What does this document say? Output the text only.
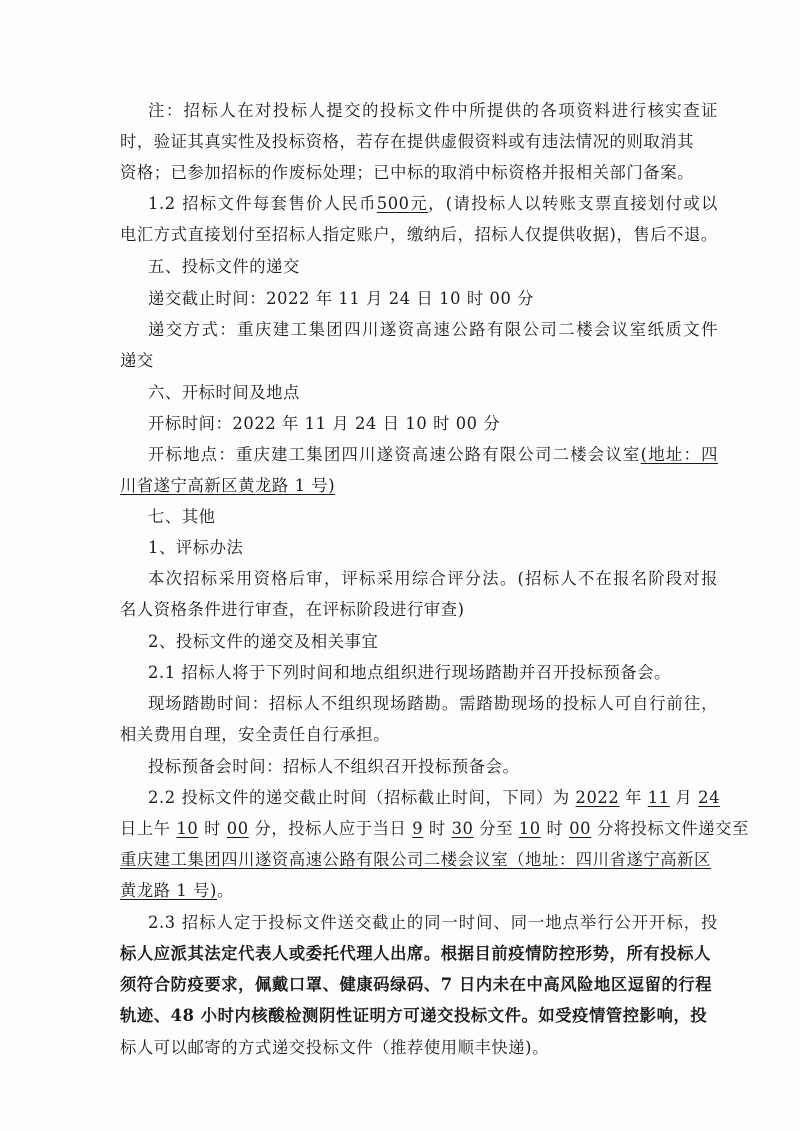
注：招标人在对投标人提交的投标文件中所提供的各项资料进行核实查证
时，验证其真实性及投标资格，若存在提供虚假资料或有违法情况的则取消其
资格；已参加招标的作废标处理；已中标的取消中标资格并报相关部门备案。
1.2 招标文件每套售价人民币500元，(请投标人以转账支票直接划付或以
电汇方式直接划付至招标人指定账户，缴纳后，招标人仅提供收据)，售后不退。
五、投标文件的递交
递交截止时间：2022 年 11 月 24 日 10 时 00 分
递交方式：重庆建工集团四川遂资高速公路有限公司二楼会议室纸质文件
递交
六、开标时间及地点
开标时间：2022 年 11 月 24 日 10 时 00 分
开标地点：重庆建工集团四川遂资高速公路有限公司二楼会议室(地址：四
川省遂宁高新区黄龙路 1 号)
七、其他
1、评标办法
本次招标采用资格后审，评标采用综合评分法。(招标人不在报名阶段对报
名人资格条件进行审查，在评标阶段进行审查)
2、投标文件的递交及相关事宜
2.1 招标人将于下列时间和地点组织进行现场踏勘并召开投标预备会。
现场踏勘时间：招标人不组织现场踏勘。需踏勘现场的投标人可自行前往，
相关费用自理，安全责任自行承担。
投标预备会时间：招标人不组织召开投标预备会。
2.2 投标文件的递交截止时间（招标截止时间，下同）为 2022 年 11 月 24
日上午 10 时 00 分，投标人应于当日 9 时 30 分至 10 时 00 分将投标文件递交至
重庆建工集团四川遂资高速公路有限公司二楼会议室（地址：四川省遂宁高新区
黄龙路 1 号)。
2.3 招标人定于投标文件送交截止的同一时间、同一地点举行公开开标，投
标人应派其法定代表人或委托代理人出席。根据目前疫情防控形势，所有投标人
须符合防疫要求，佩戴口罩、健康码绿码、7 日内未在中高风险地区逗留的行程
轨迹、48 小时内核酸检测阴性证明方可递交投标文件。如受疫情管控影响，投
标人可以邮寄的方式递交投标文件（推荐使用顺丰快递)。
